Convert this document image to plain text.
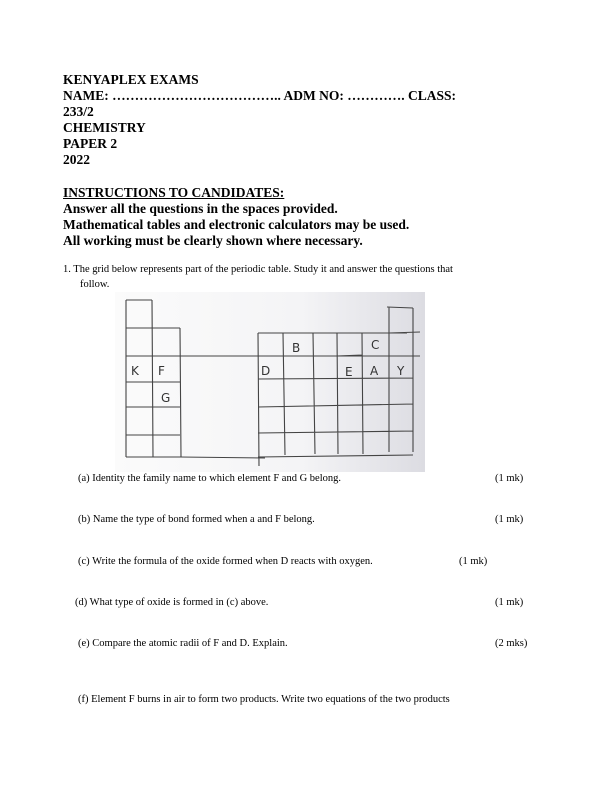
KENYAPLEX EXAMS
NAME: ……………………………….. ADM NO: …………. CLASS:
233/2
CHEMISTRY
PAPER 2
2022
INSTRUCTIONS TO CANDIDATES:
Answer all the questions in the spaces provided.
Mathematical tables and electronic calculators may be used.
All working must be clearly shown where necessary.
1. The grid below represents part of the periodic table. Study it and answer the questions that
follow.
K F
G
D
B
E A
C
Y
(a) Identity the family name to which element F and G belong.	(1 mk)
(b) Name the type of bond formed when a and F belong.	(1 mk)
(c) Write the formula of the oxide formed when D reacts with oxygen.	(1 mk)
(d) What type of oxide is formed in (c) above.	(1 mk)
(e) Compare the atomic radii of F and D. Explain.	(2 mks)
(f) Element F burns in air to form two products. Write two equations of the two products
